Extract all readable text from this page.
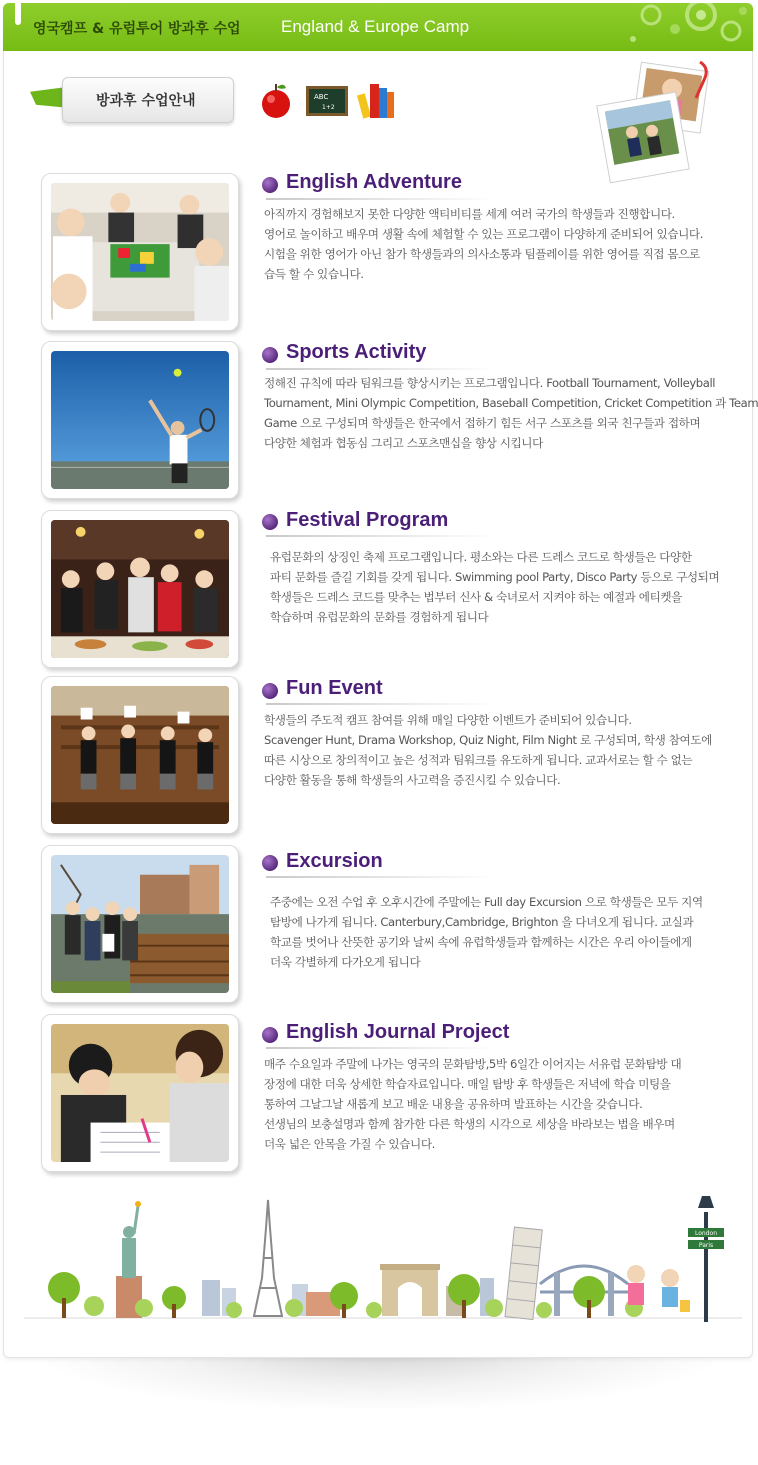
영국캠프 & 유럽투어 방과후 수업 England & Europe Camp
방과후 수업안내	ABC
1+2
English Adventure
아직까지 경험해보지 못한 다양한 액티비티를 세계 여러 국가의 학생들과 진행합니다.
영어로 놀이하고 배우며 생활 속에 체험할 수 있는 프로그램이 다양하게 준비되어 있습니다.
시험을 위한 영어가 아닌 참가 학생들과의 의사소통과 팀플레이를 위한 영어를 직접 몸으로
습득 할 수 있습니다.
Sports Activity
정해진 규칙에 따라 팀워크를 향상시키는 프로그램입니다. Football Tournament, Volleyball
Tournament, Mini Olympic Competition, Baseball Competition, Cricket Competition 과 Team
Game 으로 구성되며 학생들은 한국에서 접하기 힘든 서구 스포츠를 외국 친구들과 접하며
다양한 체험과 협동심 그리고 스포츠맨십을 향상 시킵니다
Festival Program
유럽문화의 상징인 축제 프로그램입니다. 평소와는 다른 드레스 코드로 학생들은 다양한
파티 문화를 즐길 기회를 갖게 됩니다. Swimming pool Party, Disco Party 등으로 구성되며
학생들은 드레스 코드를 맞추는 법부터 신사 & 숙녀로서 지켜야 하는 예절과 에티켓을
학습하며 유럽문화의 문화를 경험하게 됩니다
Fun Event
학생들의 주도적 캠프 참여를 위해 매일 다양한 이벤트가 준비되어 있습니다.
Scavenger Hunt, Drama Workshop, Quiz Night, Film Night 로 구성되며, 학생 참여도에
따른 시상으로 창의적이고 높은 성적과 팀워크를 유도하게 됩니다. 교과서로는 할 수 없는
다양한 활동을 통해 학생들의 사고력을 증진시킬 수 있습니다.
Excursion
주중에는 오전 수업 후 오후시간에 주말에는 Full day Excursion 으로 학생들은 모두 지역
탐방에 나가게 됩니다. Canterbury,Cambridge, Brighton 을 다녀오게 됩니다. 교실과
학교를 벗어나 산뜻한 공기와 날씨 속에 유럽학생들과 함께하는 시간은 우리 아이들에게
더욱 각별하게 다가오게 됩니다
English Journal Project
매주 수요일과 주말에 나가는 영국의 문화탐방,5박 6일간 이어지는 서유럽 문화탐방 대
장정에 대한 더욱 상세한 학습자료입니다. 매일 탐방 후 학생들은 저녁에 학습 미팅을
통하여 그날그날 새롭게 보고 배운 내용을 공유하며 발표하는 시간을 갖습니다.
선생님의 보충설명과 함께 참가한 다른 학생의 시각으로 세상을 바라보는 법을 배우며
더욱 넓은 안목을 가질 수 있습니다.
London
Paris
